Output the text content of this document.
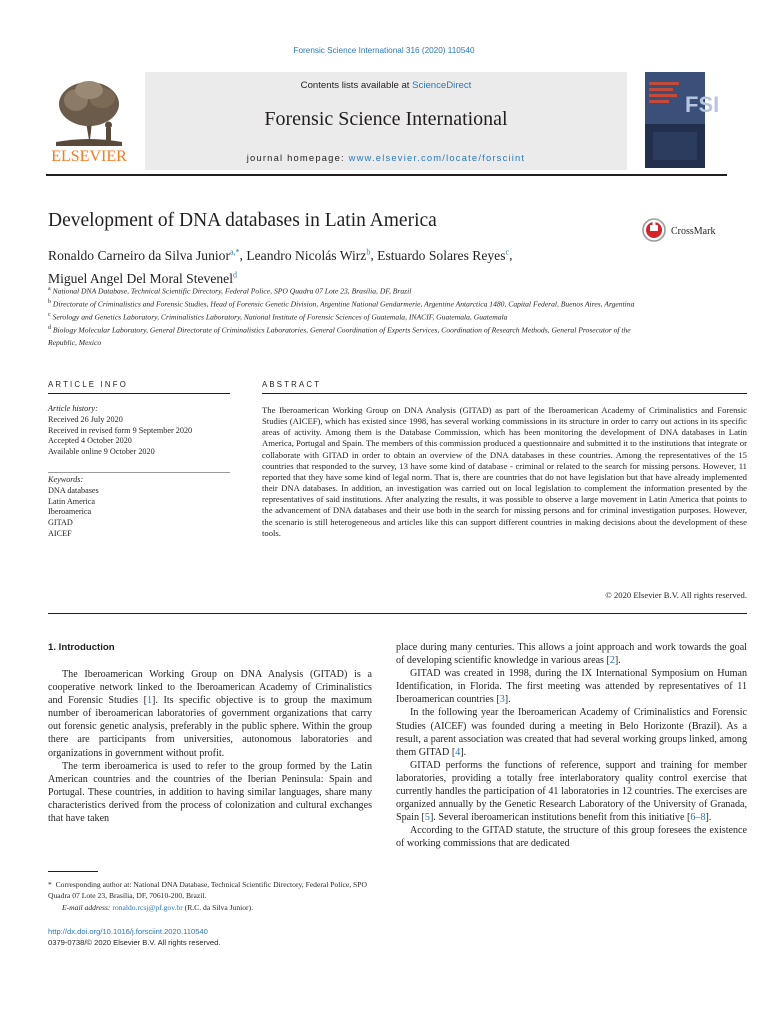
Forensic Science International 316 (2020) 110540
ELSEVIER
Contents lists available at ScienceDirect
Forensic Science International
journal homepage: www.elsevier.com/locate/forsciint
FSI
Development of DNA databases in Latin America
CrossMark
Ronaldo Carneiro da Silva Junior$^{a,*}$, Leandro Nicolás Wirz$^b$, Estuardo Solares Reyes$^c$,
Miguel Angel Del Moral Stevenel$^d$
$^a$ National DNA Database, Technical Scientific Directory, Federal Police, SPO Quadra 07 Lote 23, Brasília, DF, Brazil
$^b$ Directorate of Criminalistics and Forensic Studies, Head of Forensic Genetic Division, Argentine National Gendarmerie, Argentine Antarctica 1480, Capital Federal, Buenos Aires, Argentina
$^c$ Serology and Genetics Laboratory, Criminalistics Laboratory, National Institute of Forensic Sciences of Guatemala, INACIF, Guatemala, Guatemala
$^d$ Biology Molecular Laboratory, General Directorate of Criminalistics Laboratories, General Coordination of Experts Services, Coordination of Research Methods, General Prosecutor of the Republic, Mexico
ARTICLE INFO	ABSTRACT
Article history:
Received 26 July 2020
Received in revised form 9 September 2020
Accepted 4 October 2020
Available online 9 October 2020
Keywords:
DNA databases
Latin America
Iberoamerica
GITAD
AICEF
The Iberoamerican Working Group on DNA Analysis (GITAD) as part of the Iberoamerican Academy of Criminalistics and Forensic Studies (AICEF), which has existed since 1998, has several working commissions in its structure in order to carry out actions in its specific areas of activity. Among them is the Database Commission, which has been monitoring the development of DNA databases in Latin America, Portugal and Spain. The members of this commission produced a questionnaire and submitted it to the institutions that integrate or collaborate with GITAD in order to obtain an overview of the DNA databases in these countries. Among the representatives of the 15 countries that responded to the survey, 13 have some kind of database - criminal or related to the search for missing persons. However, 11 reported that they have some kind of legal norm. That is, there are countries that do not have legislation but that have already implemented their DNA databases. In addition, an investigation was carried out on local legislation to complement the information presented by the representatives of said institutions. After analyzing the results, it was possible to observe a large movement in Latin America that points to the advancement of DNA databases and their use both in the search for missing persons and for criminal investigation purposes. However, the scenario is still heterogeneous and articles like this can support different countries in making decisions about the development of these tools.
© 2020 Elsevier B.V. All rights reserved.
1. Introduction

The Iberoamerican Working Group on DNA Analysis (GITAD) is a cooperative network linked to the Iberoamerican Academy of Criminalistics and Forensic Studies [1]. Its specific objective is to group the maximum number of iberoamerican laboratories of government organizations that carry out forensic genetic analysis, preferably in the public sphere. Within the group there are participants from universities, autonomous laboratories and organizations in government without profit.

The term iberoamerica is used to refer to the group formed by the Latin American countries and the countries of the Iberian Peninsula: Spain and Portugal. These countries, in addition to having similar languages, share many characteristics derived from the process of colonization and cultural exchanges that have taken

place during many centuries. This allows a joint approach and work towards the goal of developing scientific knowledge in various areas [2].

GITAD was created in 1998, during the IX International Symposium on Human Identification, in Florida. The first meeting was attended by representatives of 11 Iberoamerican countries [3].

In the following year the Iberoamerican Academy of Criminalistics and Forensic Studies (AICEF) was founded during a meeting in Belo Horizonte (Brazil). As a result, a parent association was created that had several working groups linked, among them GITAD [4].

GITAD performs the functions of reference, support and training for member laboratories, providing a totally free interlaboratory quality control exercise that currently handles the participation of 41 laboratories in 12 countries. The exercises are organized annually by the Genetic Research Laboratory of the University of Granada, Spain [5]. Several iberoamerican institutions benefit from this initiative [6–8].

According to the GITAD statute, the structure of this group foresees the existence of working commissions that are dedicated

* Corresponding author at: National DNA Database, Technical Scientific Directory, Federal Police, SPO Quadra 07 Lote 23, Brasília, DF, 70610-200, Brazil.
E-mail address: ronaldo.rcsj@pf.gov.br (R.C. da Silva Junior).
http://dx.doi.org/10.1016/j.forsciint.2020.110540
0379-0738/© 2020 Elsevier B.V. All rights reserved.
